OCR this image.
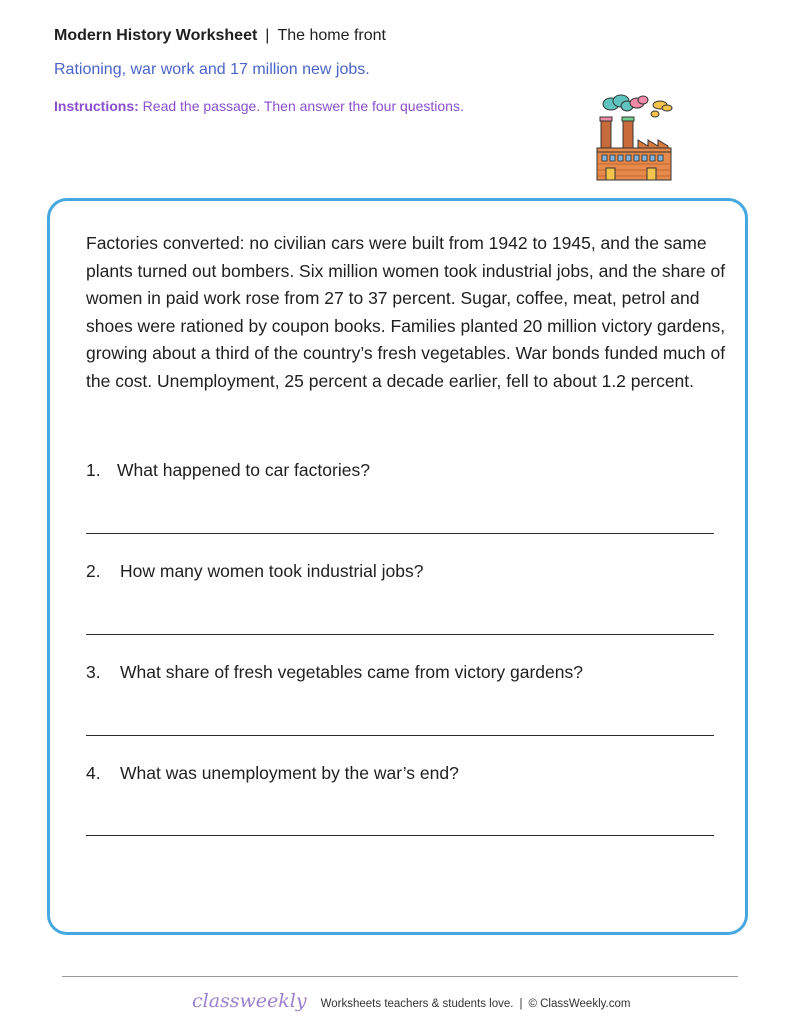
Modern History Worksheet | The home front
Rationing, war work and 17 million new jobs.
Instructions: Read the passage. Then answer the four questions.
Factories converted: no civilian cars were built from 1942 to 1945, and the same plants turned out bombers. Six million women took industrial jobs, and the share of women in paid work rose from 27 to 37 percent. Sugar, coffee, meat, petrol and shoes were rationed by coupon books. Families planted 20 million victory gardens, growing about a third of the country’s fresh vegetables. War bonds funded much of the cost. Unemployment, 25 percent a decade earlier, fell to about 1.2 percent.
1. What happened to car factories?
2. How many women took industrial jobs?
3. What share of fresh vegetables came from victory gardens?
4. What was unemployment by the war’s end?
classweekly Worksheets teachers & students love. | © ClassWeekly.com
